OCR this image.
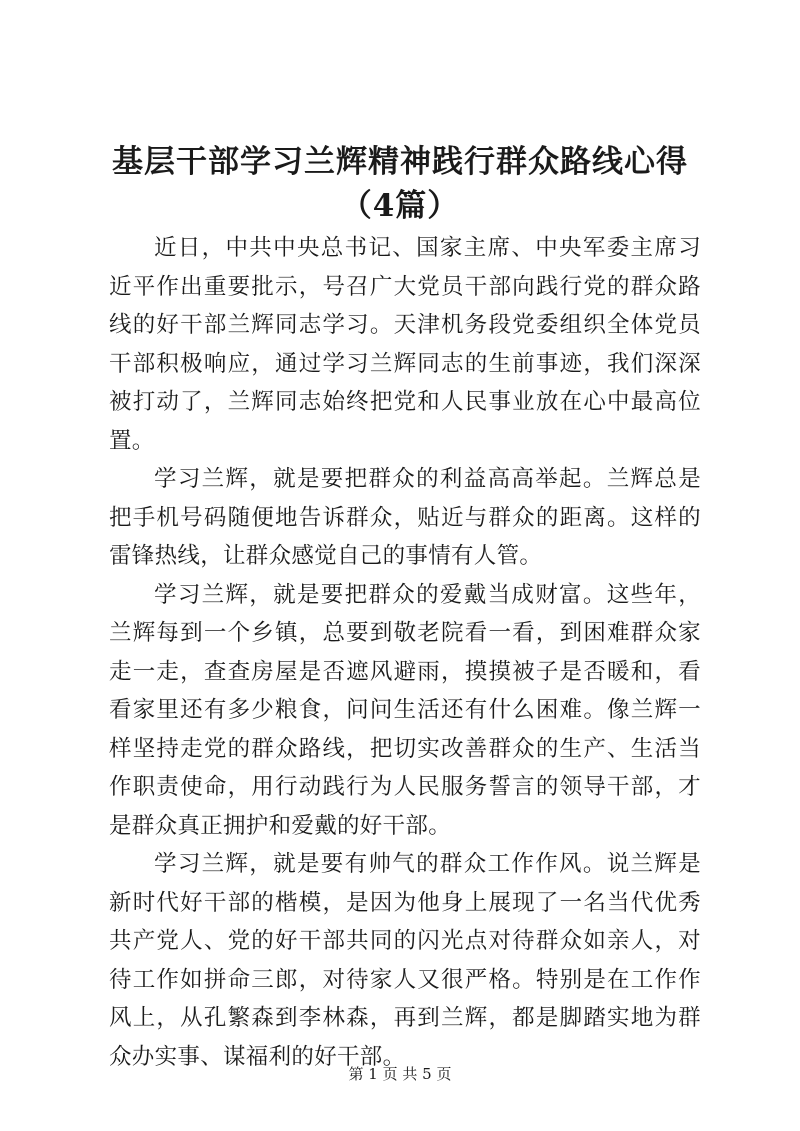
基层干部学习兰辉精神践行群众路线心得（4篇）

近日，中共中央总书记、国家主席、中央军委主席习近平作出重要批示，号召广大党员干部向践行党的群众路线的好干部兰辉同志学习。天津机务段党委组织全体党员干部积极响应，通过学习兰辉同志的生前事迹，我们深深被打动了，兰辉同志始终把党和人民事业放在心中最高位置。

学习兰辉，就是要把群众的利益高高举起。兰辉总是把手机号码随便地告诉群众，贴近与群众的距离。这样的雷锋热线，让群众感觉自己的事情有人管。

学习兰辉，就是要把群众的爱戴当成财富。这些年，兰辉每到一个乡镇，总要到敬老院看一看，到困难群众家走一走，查查房屋是否遮风避雨，摸摸被子是否暖和，看看家里还有多少粮食，问问生活还有什么困难。像兰辉一样坚持走党的群众路线，把切实改善群众的生产、生活当作职责使命，用行动践行为人民服务誓言的领导干部，才是群众真正拥护和爱戴的好干部。

学习兰辉，就是要有帅气的群众工作作风。说兰辉是新时代好干部的楷模，是因为他身上展现了一名当代优秀共产党人、党的好干部共同的闪光点对待群众如亲人，对待工作如拼命三郎，对待家人又很严格。特别是在工作作风上，从孔繁森到李林森，再到兰辉，都是脚踏实地为群众办实事、谋福利的好干部。

第 1 页 共 5 页
